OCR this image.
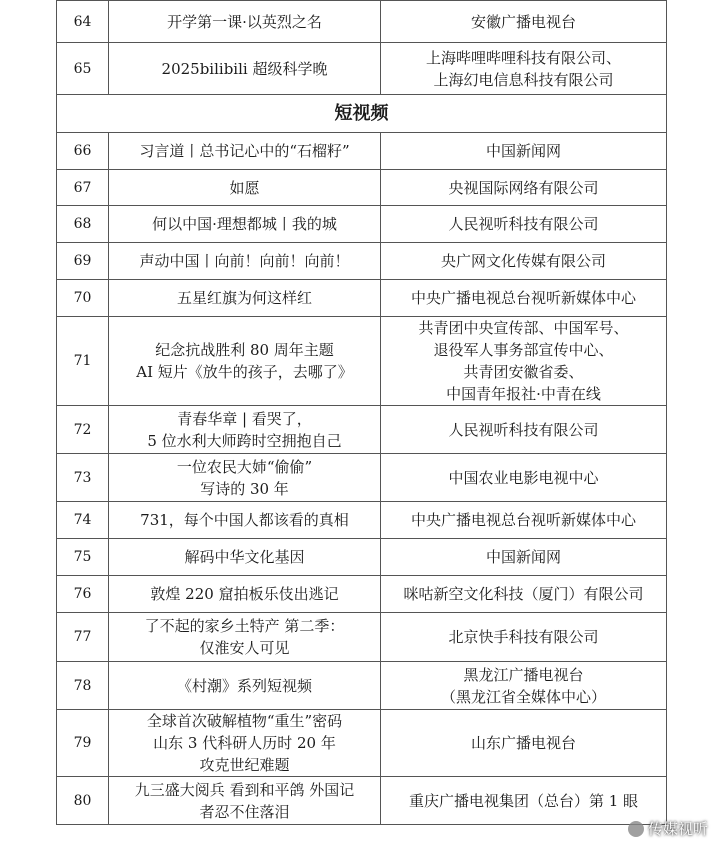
64	开学第一课·以英烈之名	安徽广播电视台

65	2025bilibili 超级科学晚	上海哔哩哔哩科技有限公司、
上海幻电信息科技有限公司

短视频		
66	习言道丨总书记心中的“石榴籽”	中国新闻网

67	如愿	央视国际网络有限公司

68	何以中国·理想都城丨我的城	人民视听科技有限公司

69	声动中国丨向前！向前！向前！	央广网文化传媒有限公司

70	五星红旗为何这样红	中央广播电视总台视听新媒体中心

71	纪念抗战胜利 80 周年主题
AI 短片《放牛的孩子，去哪了》	共青团中央宣传部、中国军号、
退役军人事务部宣传中心、
共青团安徽省委、
中国青年报社·中青在线

72	青春华章 | 看哭了，
5 位水利大师跨时空拥抱自己	人民视听科技有限公司

73	一位农民大姉“偷偷”
写诗的 30 年	中国农业电影电视中心

74	731，每个中国人都该看的真相	中央广播电视总台视听新媒体中心

75	解码中华文化基因	中国新闻网

76	敦煌 220 窟拍板乐伎出逃记	咪咕新空文化科技（厦门）有限公司

77	了不起的家乡土特产 第二季：
仅淮安人可见	北京快手科技有限公司

78	《村潮》系列短视频	黑龙江广播电视台
（黑龙江省全媒体中心）

79	全球首次破解植物“重生”密码
山东 3 代科研人历时 20 年
攻克世纪难题	山东广播电视台

80	九三盛大阅兵 看到和平鸽 外国记
者忍不住落泪	重庆广播电视集团（总台）第 1 眼
传媒视听
